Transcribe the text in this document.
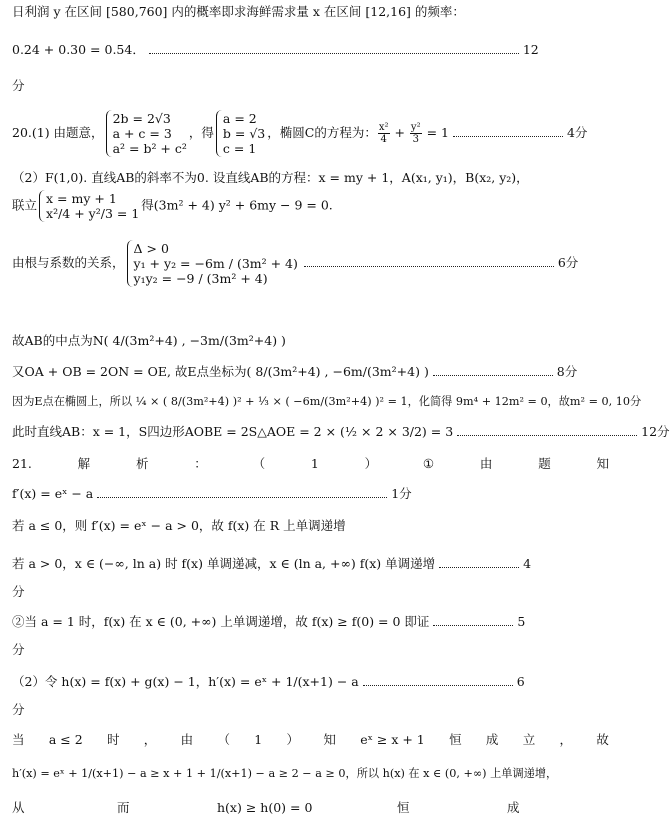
日利润 y 在区间 [580,760] 内的概率即求海鲜需求量 x 在区间 [12,16] 的频率：
0.24 + 0.30 = 0.54．	12
分
20.(1) 由题意，
2b = 2√3
a + c = 3
a² = b² + c²
，得
a = 2
b = √3
c = 1
，椭圆C的方程为： $\frac{\text{x²}}{4} + \frac{\text{y²}}{3} = 1$	4分
（2）F(1,0). 直线AB的斜率不为0. 设直线AB的方程：x = my + 1，A(x₁, y₁)，B(x₂, y₂)，
联立 x = my + 1
x²/4 + y²/3 = 1
得(3m² + 4) y² + 6my − 9 = 0.
由根与系数的关系，
Δ > 0
y₁ + y₂ = −6m / (3m² + 4)
y₁y₂ = −9 / (3m² + 4)
6分
故AB的中点为N( 4/(3m²+4) , −3m/(3m²+4) )
又OA + OB = 2ON = OE, 故E点坐标为( 8/(3m²+4) , −6m/(3m²+4) )	8分
因为E点在椭圆上，所以 ¼ × ( 8/(3m²+4) )² + ⅓ × ( −6m/(3m²+4) )² = 1，化简得 9m⁴ + 12m² = 0，故m² = 0, 10分
此时直线AB：x = 1，S四边形AOBE = 2S△AOE = 2 × (½ × 2 × 3/2) = 3	12分
21.	解	析	：	（	1	）	①	由	题	知
f′(x) = eˣ − a	1分
若 a ≤ 0，则 f′(x) = eˣ − a > 0，故 f(x) 在 R 上单调递增
若 a > 0，x ∈ (−∞, ln a) 时 f(x) 单调递减，x ∈ (ln a, +∞) f(x) 单调递增	4
分
②当 a = 1 时，f(x) 在 x ∈ (0, +∞) 上单调递增，故 f(x) ≥ f(0) = 0 即证	5
分
（2）令 h(x) = f(x) + g(x) − 1，h′(x) = eˣ + 1/(x+1) − a	6
分
当 a ≤ 2 时 ， 由 （ 1 ） 知 eˣ ≥ x + 1 恒 成 立 ， 故
h′(x) = eˣ + 1/(x+1) − a ≥ x + 1 + 1/(x+1) − a ≥ 2 − a ≥ 0，所以 h(x) 在 x ∈ (0, +∞) 上单调递增，
从	而	h(x) ≥ h(0) = 0	恒	成
